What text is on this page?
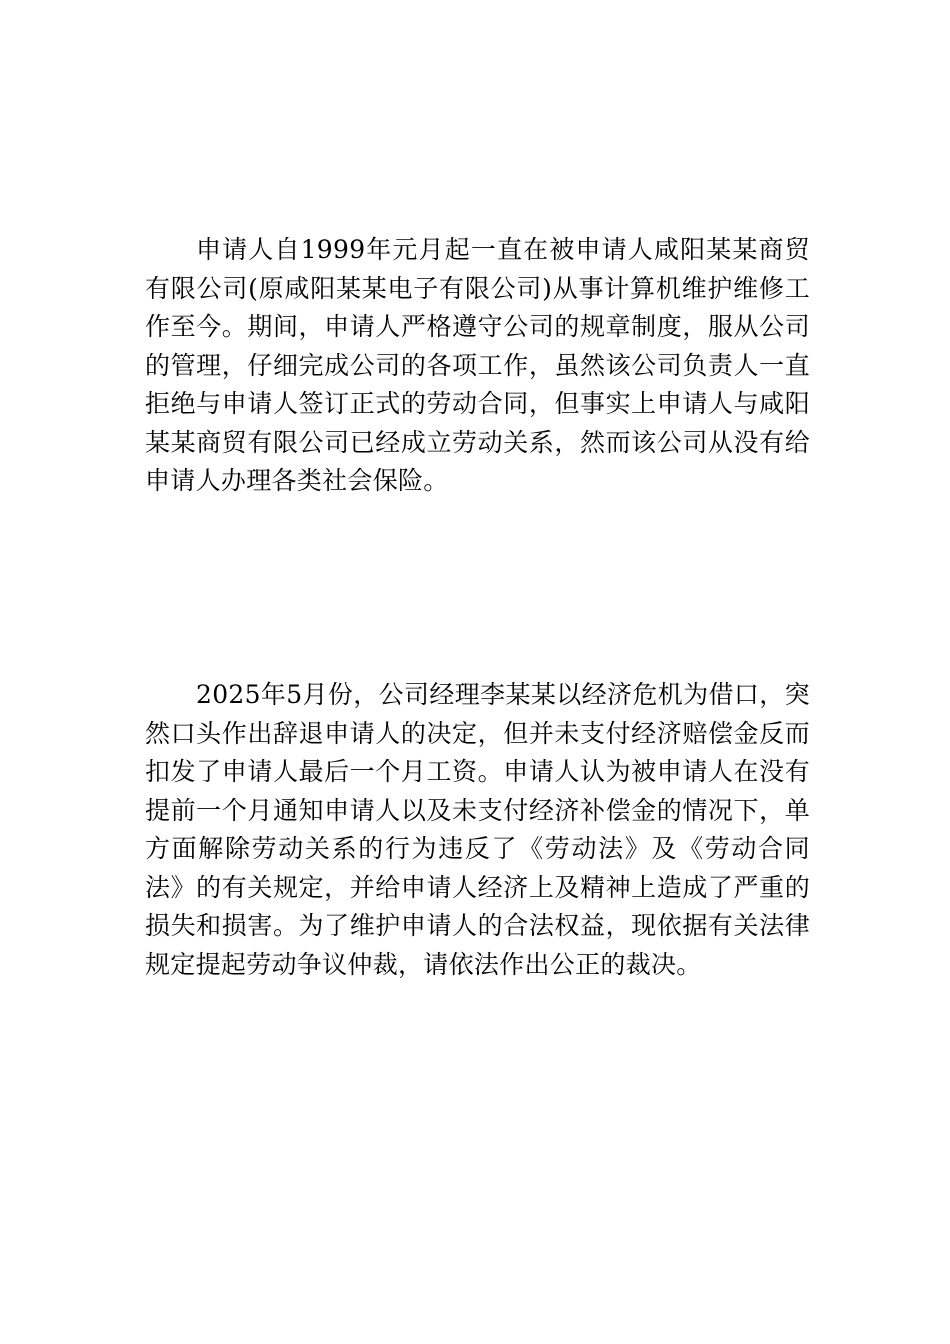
申请人自1999年元月起一直在被申请人咸阳某某商贸有限公司(原咸阳某某电子有限公司)从事计算机维护维修工作至今。期间，申请人严格遵守公司的规章制度，服从公司的管理，仔细完成公司的各项工作，虽然该公司负责人一直拒绝与申请人签订正式的劳动合同，但事实上申请人与咸阳某某商贸有限公司已经成立劳动关系，然而该公司从没有给申请人办理各类社会保险。

2025年5月份，公司经理李某某以经济危机为借口，突然口头作出辞退申请人的决定，但并未支付经济赔偿金反而扣发了申请人最后一个月工资。申请人认为被申请人在没有提前一个月通知申请人以及未支付经济补偿金的情况下，单方面解除劳动关系的行为违反了《劳动法》及《劳动合同法》的有关规定，并给申请人经济上及精神上造成了严重的损失和损害。为了维护申请人的合法权益，现依据有关法律规定提起劳动争议仲裁，请依法作出公正的裁决。
